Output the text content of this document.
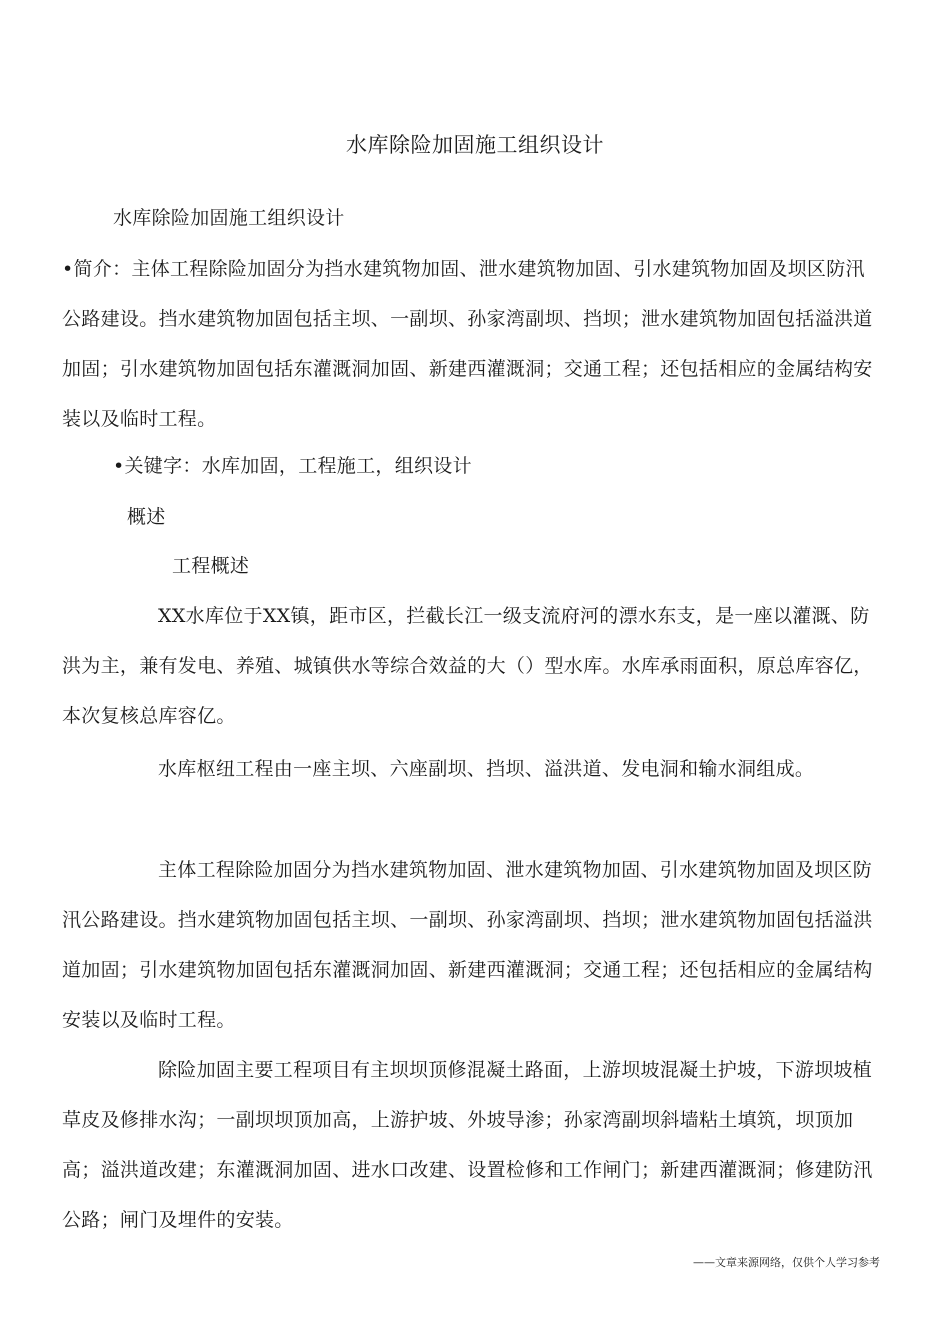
水库除险加固施工组织设计
水库除险加固施工组织设计
•简介：主体工程除险加固分为挡水建筑物加固、泄水建筑物加固、引水建筑物加固及坝区防汛公路建设。挡水建筑物加固包括主坝、一副坝、孙家湾副坝、挡坝；泄水建筑物加固包括溢洪道加固；引水建筑物加固包括东灌溉洞加固、新建西灌溉洞；交通工程；还包括相应的金属结构安装以及临时工程。
•关键字：水库加固，工程施工，组织设计
概述
工程概述
XX水库位于XX镇，距市区，拦截长江一级支流府河的漂水东支，是一座以灌溉、防洪为主，兼有发电、养殖、城镇供水等综合效益的大（）型水库。水库承雨面积，原总库容亿，本次复核总库容亿。
水库枢纽工程由一座主坝、六座副坝、挡坝、溢洪道、发电洞和输水洞组成。
主体工程除险加固分为挡水建筑物加固、泄水建筑物加固、引水建筑物加固及坝区防汛公路建设。挡水建筑物加固包括主坝、一副坝、孙家湾副坝、挡坝；泄水建筑物加固包括溢洪道加固；引水建筑物加固包括东灌溉洞加固、新建西灌溉洞；交通工程；还包括相应的金属结构安装以及临时工程。
除险加固主要工程项目有主坝坝顶修混凝土路面，上游坝坡混凝土护坡，下游坝坡植草皮及修排水沟；一副坝坝顶加高，上游护坡、外坡导渗；孙家湾副坝斜墙粘土填筑，坝顶加高；溢洪道改建；东灌溉洞加固、进水口改建、设置检修和工作闸门；新建西灌溉洞；修建防汛公路；闸门及埋件的安装。
——文章来源网络，仅供个人学习参考
